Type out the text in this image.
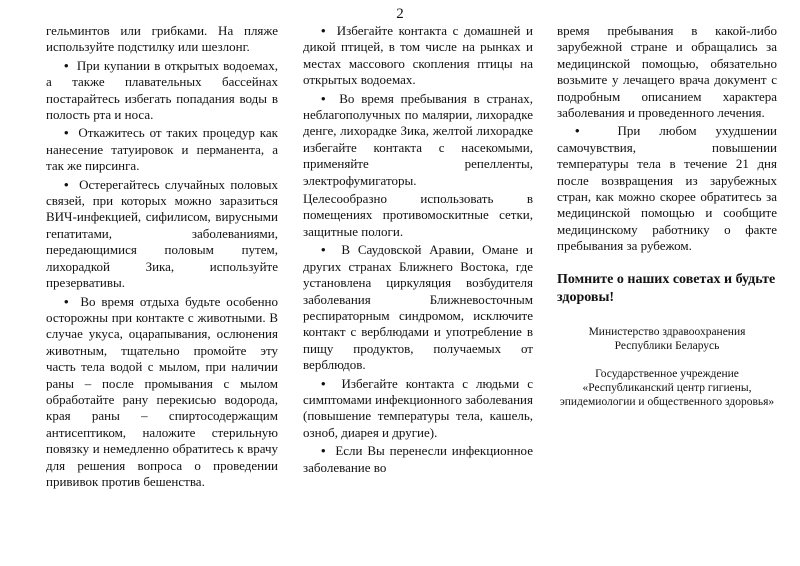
2

гельминтов или грибками. На пляже используйте подстилку или шезлонг.

•  При купании в открытых водоемах, а также плавательных бассейнах постарайтесь избегать попадания воды в полость рта и носа.

•  Откажитесь от таких процедур как нанесение татуировок и перманента, а так же пирсинга.

•  Остерегайтесь случайных половых связей, при которых можно заразиться ВИЧ-инфекцией, сифилисом, вирусными гепатитами, заболеваниями, передающимися половым путем, лихорадкой Зика, используйте презервативы.

•  Во время отдыха будьте особенно осторожны при контакте с животными. В случае укуса, оцарапывания, ослюнения животным, тщательно промойте эту часть тела водой с мылом, при наличии раны – после промывания с мылом обработайте рану перекисью водорода, края раны – спиртосодержащим антисептиком, наложите стерильную повязку и немедленно обратитесь к врачу для решения вопроса о проведении прививок против бешенства.

•  Избегайте контакта с домашней и дикой птицей, в том числе на рынках и местах массового скопления птицы на открытых водоемах.

•  Во время пребывания в странах, неблагополучных по малярии, лихорадке денге, лихорадке Зика, желтой лихорадке избегайте контакта с насекомыми, применяйте репелленты, электрофумигаторы.

Целесообразно использовать в помещениях противомоскитные сетки, защитные пологи.

•  В Саудовской Аравии, Омане и других странах Ближнего Востока, где установлена циркуляция возбудителя заболевания Ближневосточным респираторным синдромом, исключите контакт с верблюдами и употребление в пищу продуктов, получаемых от верблюдов.

•  Избегайте контакта с людьми с симптомами инфекционного заболевания (повышение температуры тела, кашель, озноб, диарея и другие).

•  Если Вы перенесли инфекционное заболевание во

время пребывания в какой-либо зарубежной стране и обращались за медицинской помощью, обязательно возьмите у лечащего врача документ с подробным описанием характера заболевания и проведенного лечения.

•  При любом ухудшении самочувствия, повышении температуры тела в течение 21 дня после возвращения из зарубежных стран, как можно скорее обратитесь за медицинской помощью и сообщите медицинскому работнику о факте пребывания за рубежом.

Помните о наших советах и будьте здоровы!

Министерство здравоохранения
Республики Беларусь

Государственное учреждение
«Республиканский центр гигиены,
эпидемиологии и общественного здоровья»
